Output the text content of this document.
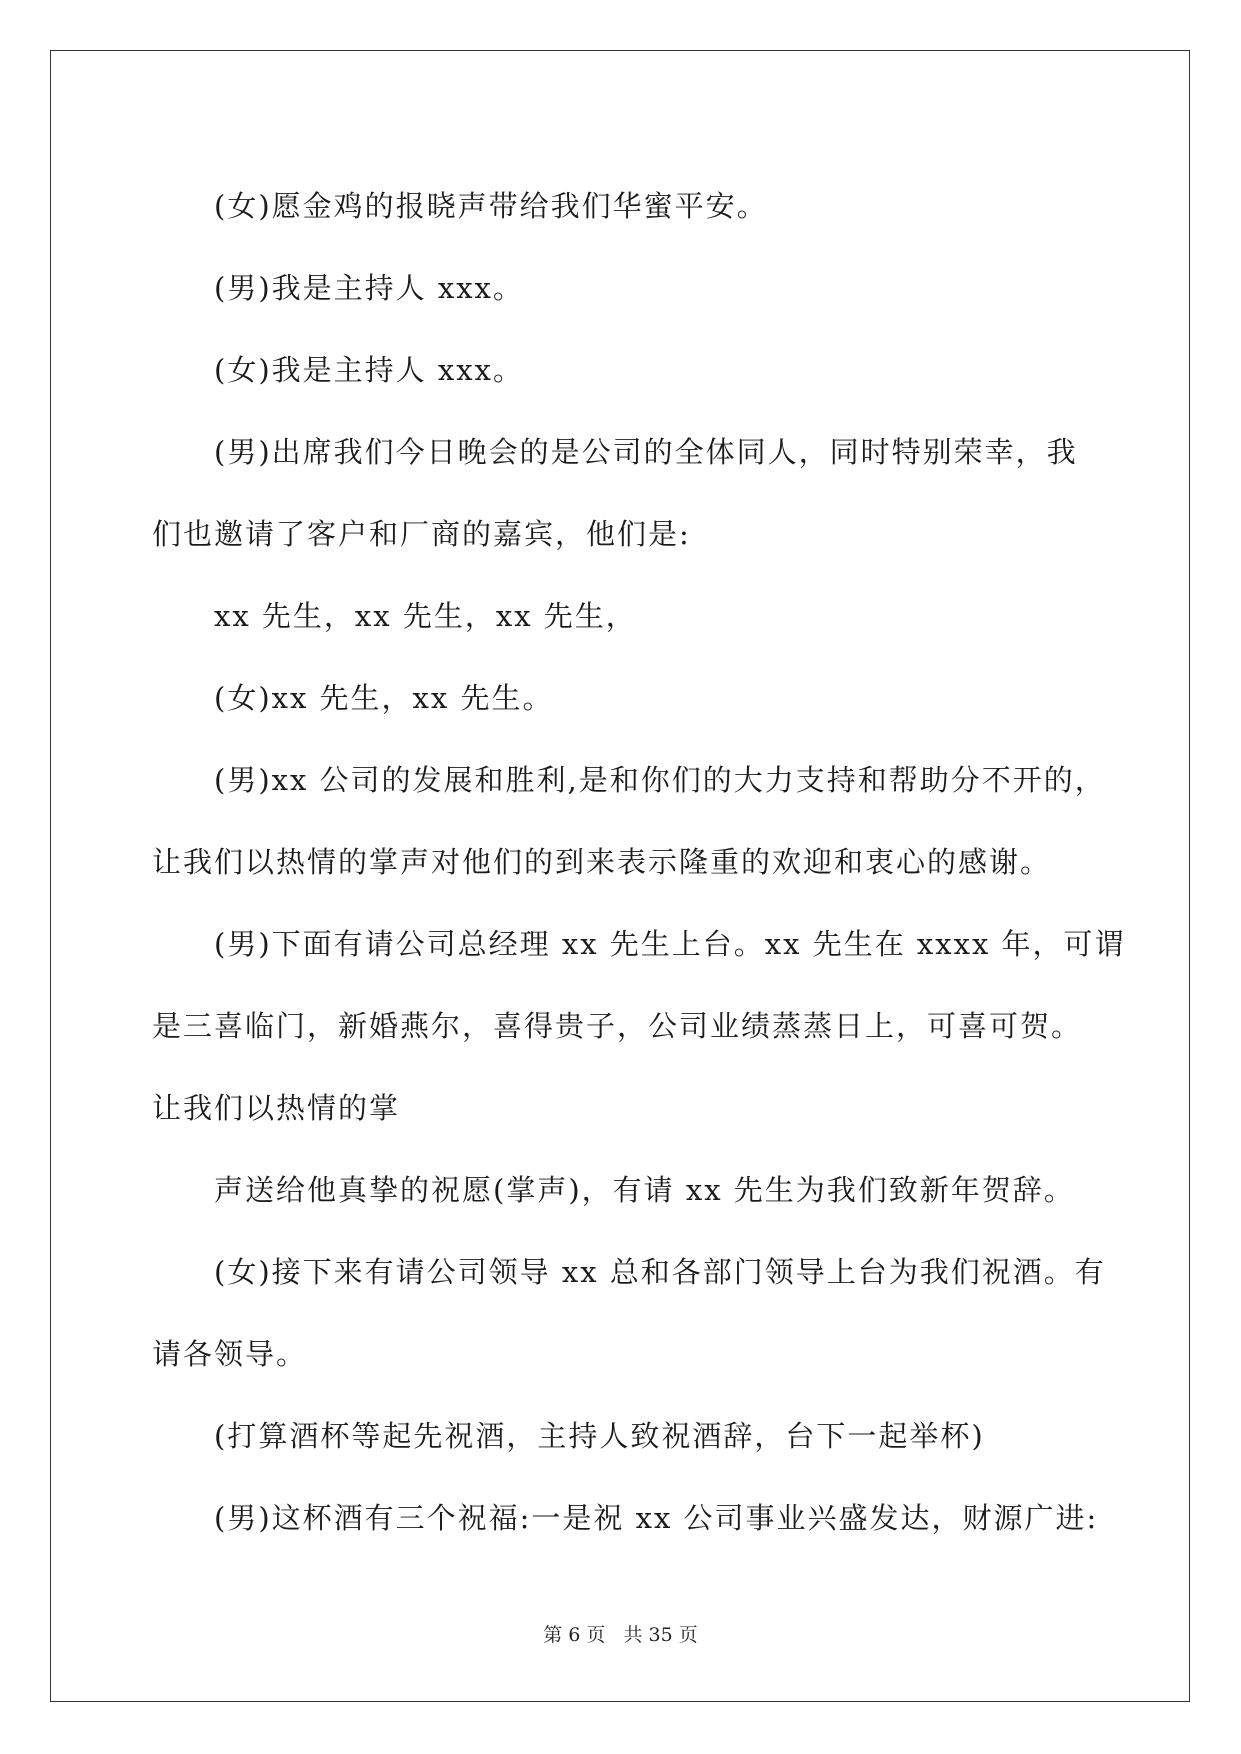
(女)愿金鸡的报晓声带给我们华蜜平安。

(男)我是主持人 xxx。

(女)我是主持人 xxx。

(男)出席我们今日晚会的是公司的全体同人，同时特别荣幸，我

们也邀请了客户和厂商的嘉宾，他们是:

xx 先生，xx 先生，xx 先生，

(女)xx 先生，xx 先生。

(男)xx 公司的发展和胜利,是和你们的大力支持和帮助分不开的，

让我们以热情的掌声对他们的到来表示隆重的欢迎和衷心的感谢。

(男)下面有请公司总经理 xx 先生上台。xx 先生在 xxxx 年，可谓

是三喜临门，新婚燕尔，喜得贵子，公司业绩蒸蒸日上，可喜可贺。

让我们以热情的掌

声送给他真挚的祝愿(掌声)，有请 xx 先生为我们致新年贺辞。

(女)接下来有请公司领导 xx 总和各部门领导上台为我们祝酒。有

请各领导。

(打算酒杯等起先祝酒，主持人致祝酒辞，台下一起举杯)

(男)这杯酒有三个祝福:一是祝 xx 公司事业兴盛发达，财源广进:

第 6 页 共 35 页
